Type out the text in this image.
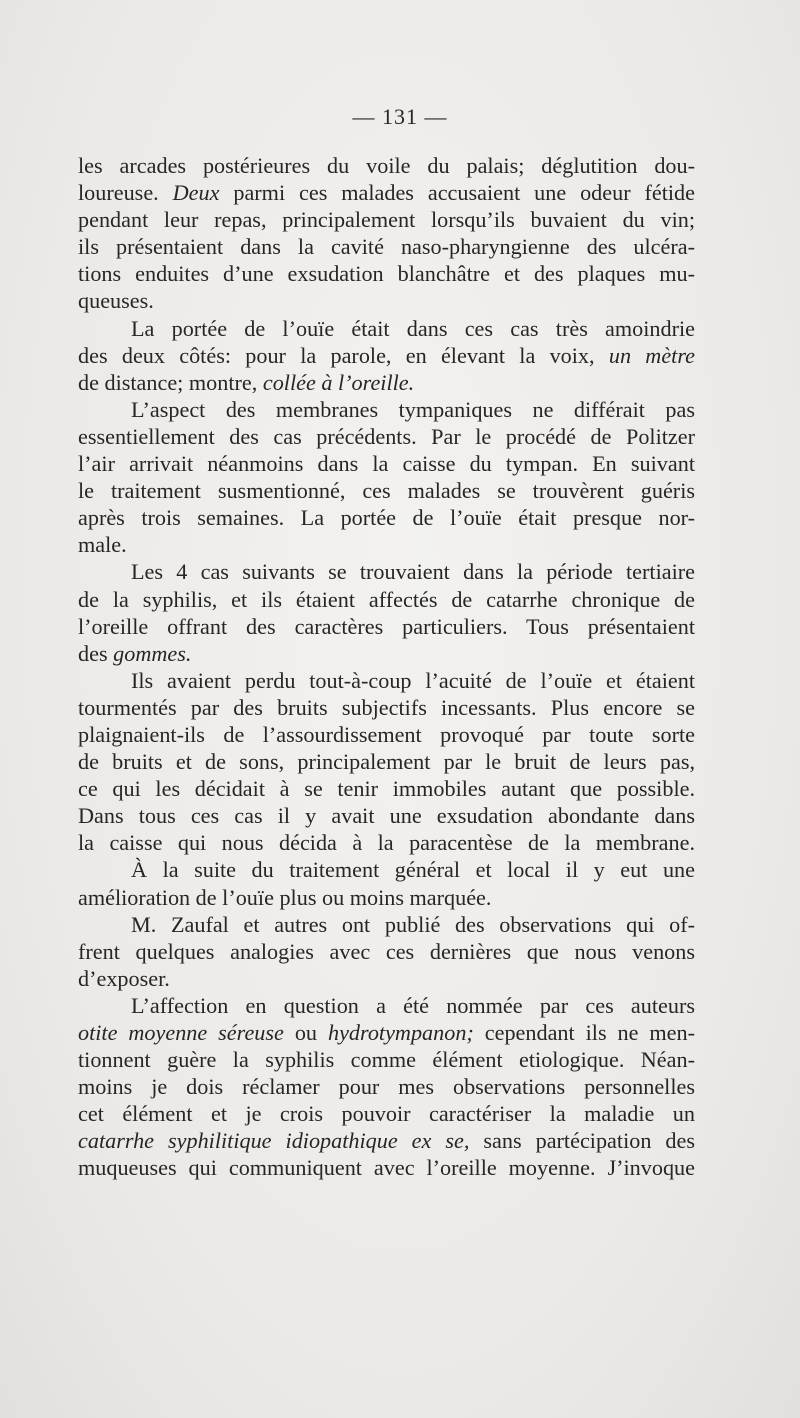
— 131 —
les arcades postérieures du voile du palais; déglutition dou-
loureuse. Deux parmi ces malades accusaient une odeur fétide
pendant leur repas, principalement lorsqu’ils buvaient du vin;
ils présentaient dans la cavité naso-pharyngienne des ulcéra-
tions enduites d’une exsudation blanchâtre et des plaques mu-
queuses.
La portée de l’ouïe était dans ces cas très amoindrie
des deux côtés: pour la parole, en élevant la voix, un mètre
de distance; montre, collée à l’oreille.
L’aspect des membranes tympaniques ne différait pas
essentiellement des cas précédents. Par le procédé de Politzer
l’air arrivait néanmoins dans la caisse du tympan. En suivant
le traitement susmentionné, ces malades se trouvèrent guéris
après trois semaines. La portée de l’ouïe était presque nor-
male.
Les 4 cas suivants se trouvaient dans la période tertiaire
de la syphilis, et ils étaient affectés de catarrhe chronique de
l’oreille offrant des caractères particuliers. Tous présentaient
des gommes.
Ils avaient perdu tout-à-coup l’acuité de l’ouïe et étaient
tourmentés par des bruits subjectifs incessants. Plus encore se
plaignaient-ils de l’assourdissement provoqué par toute sorte
de bruits et de sons, principalement par le bruit de leurs pas,
ce qui les décidait à se tenir immobiles autant que possible.
Dans tous ces cas il y avait une exsudation abondante dans
la caisse qui nous décida à la paracentèse de la membrane.
À la suite du traitement général et local il y eut une
amélioration de l’ouïe plus ou moins marquée.
M. Zaufal et autres ont publié des observations qui of-
frent quelques analogies avec ces dernières que nous venons
d’exposer.
L’affection en question a été nommée par ces auteurs
otite moyenne séreuse ou hydrotympanon; cependant ils ne men-
tionnent guère la syphilis comme élément etiologique. Néan-
moins je dois réclamer pour mes observations personnelles
cet élément et je crois pouvoir caractériser la maladie un
catarrhe syphilitique idiopathique ex se, sans partécipation des
muqueuses qui communiquent avec l’oreille moyenne. J’invoque
